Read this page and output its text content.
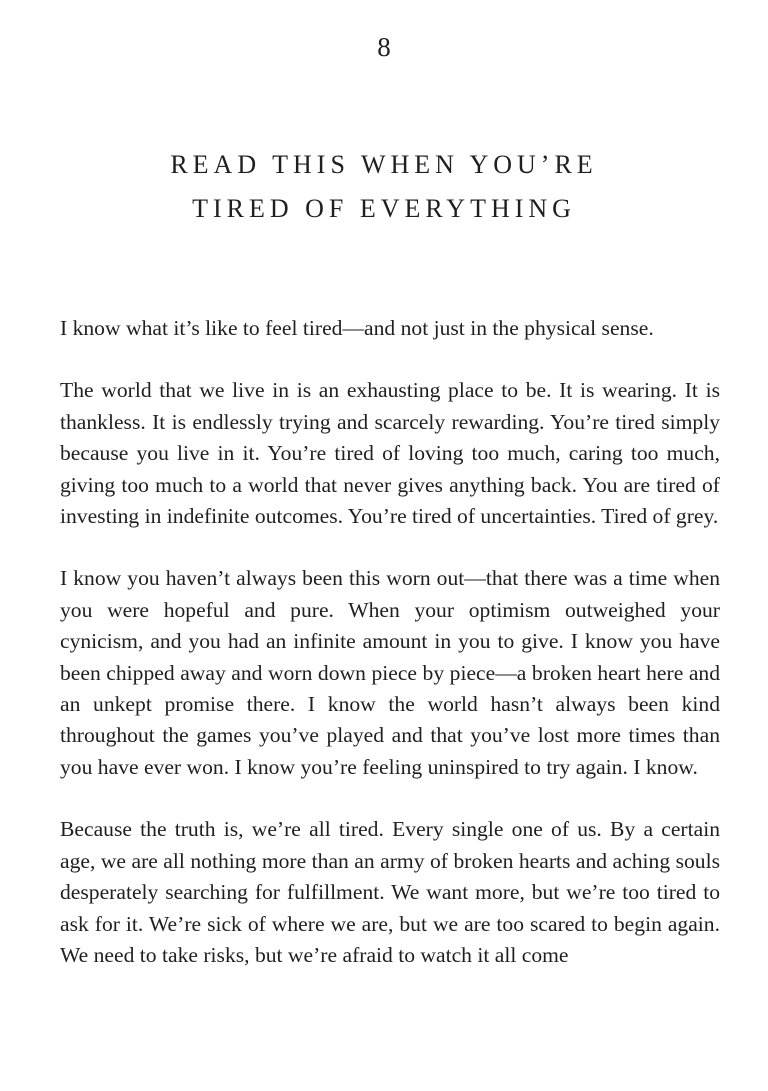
8
READ THIS WHEN YOU’RE
TIRED OF EVERYTHING

I know what it’s like to feel tired—and not just in the physical sense.

The world that we live in is an exhausting place to be. It is wearing. It is thankless. It is endlessly trying and scarcely rewarding. You’re tired simply because you live in it. You’re tired of loving too much, caring too much, giving too much to a world that never gives anything back. You are tired of investing in indefinite outcomes. You’re tired of uncertainties. Tired of grey.

I know you haven’t always been this worn out—that there was a time when you were hopeful and pure. When your optimism outweighed your cynicism, and you had an infinite amount in you to give. I know you have been chipped away and worn down piece by piece—a broken heart here and an unkept promise there. I know the world hasn’t always been kind throughout the games you’ve played and that you’ve lost more times than you have ever won. I know you’re feeling uninspired to try again. I know.

Because the truth is, we’re all tired. Every single one of us. By a certain age, we are all nothing more than an army of broken hearts and aching souls desperately searching for fulfillment. We want more, but we’re too tired to ask for it. We’re sick of where we are, but we are too scared to begin again. We need to take risks, but we’re afraid to watch it all come
